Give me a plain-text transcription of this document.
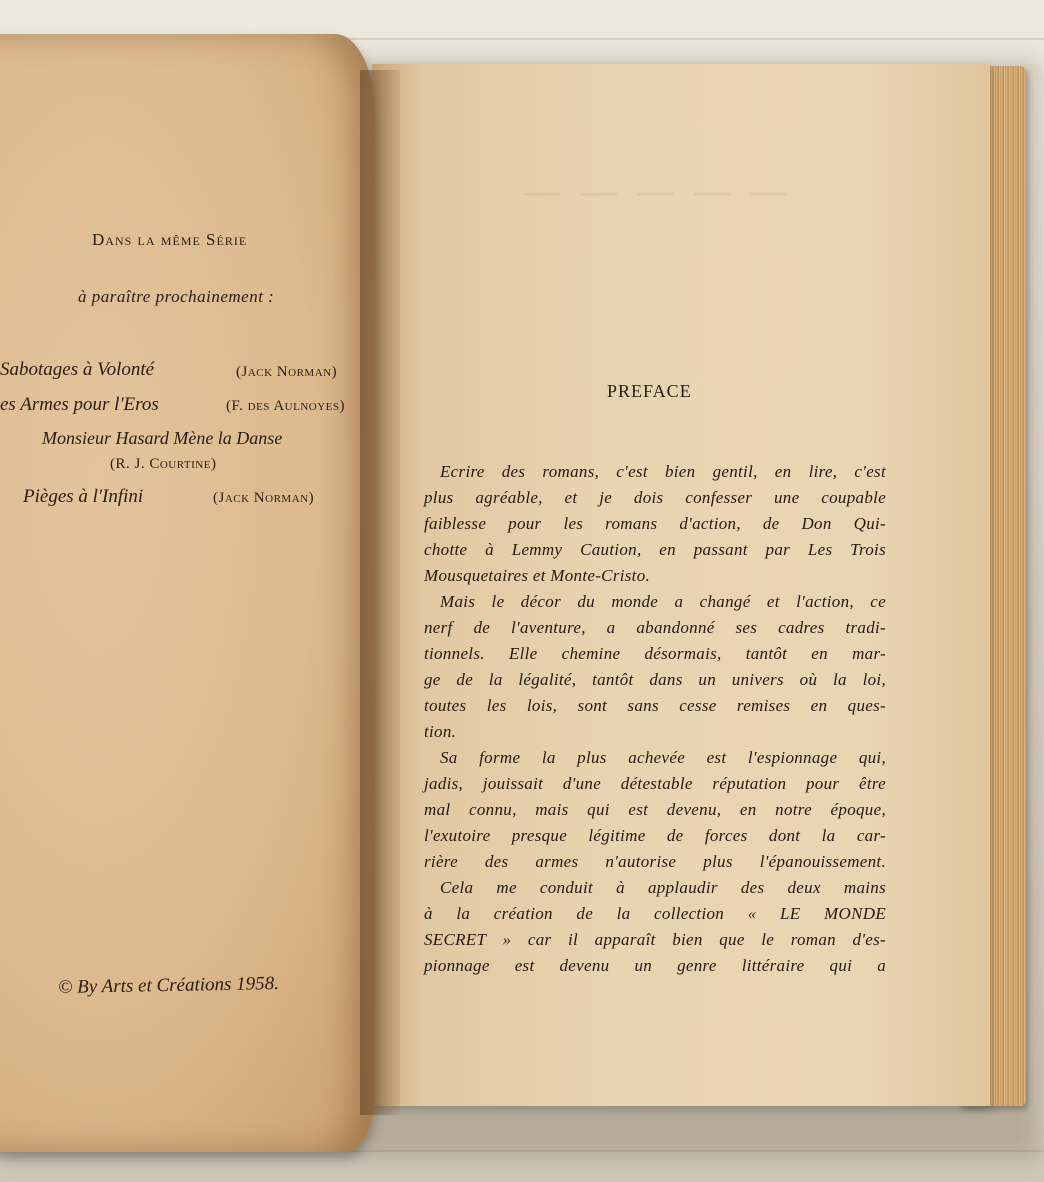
— — — — —
Dans la même Série
à paraître prochainement :
Sabotages à Volonté	(Jack Norman)
es Armes pour l'Eros	(F. des Aulnoyes)
Monsieur Hasard Mène la Danse
(R. J. Courtine)
Pièges à l'Infini	(Jack Norman)
© By Arts et Créations 1958.
PREFACE
Ecrire des romans, c'est bien gentil, en lire, c'est
plus agréable, et je dois confesser une coupable
faiblesse pour les romans d'action, de Don Qui-
chotte à Lemmy Caution, en passant par Les Trois
Mousquetaires et Monte-Cristo.
Mais le décor du monde a changé et l'action, ce
nerf de l'aventure, a abandonné ses cadres tradi-
tionnels. Elle chemine désormais, tantôt en mar-
ge de la légalité, tantôt dans un univers où la loi,
toutes les lois, sont sans cesse remises en ques-
tion.
Sa forme la plus achevée est l'espionnage qui,
jadis, jouissait d'une détestable réputation pour être
mal connu, mais qui est devenu, en notre époque,
l'exutoire presque légitime de forces dont la car-
rière des armes n'autorise plus l'épanouissement.
Cela me conduit à applaudir des deux mains
à la création de la collection « LE MONDE
SECRET » car il apparaît bien que le roman d'es-
pionnage est devenu un genre littéraire qui a
